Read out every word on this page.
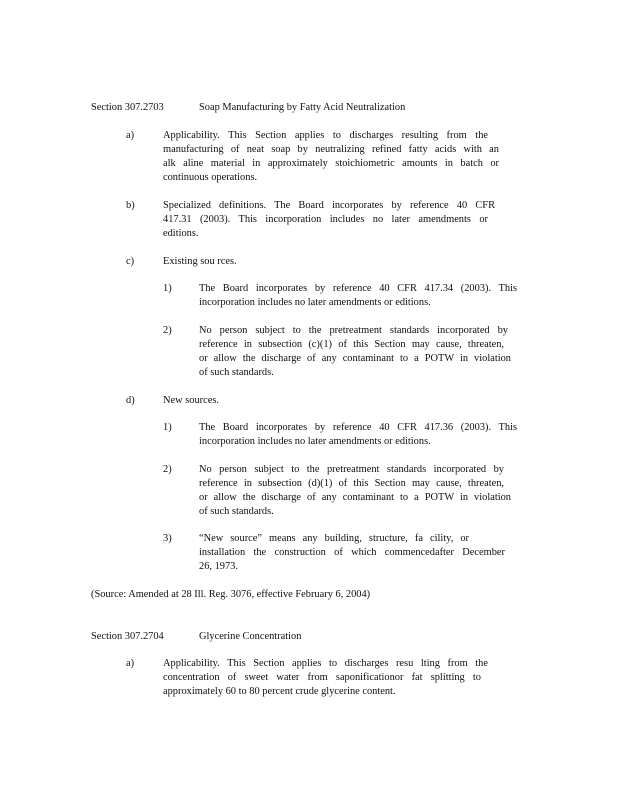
Section 307.2703	Soap Manufacturing by Fatty Acid Neutralization
a)	Applicability. This Section applies to discharges resulting from the
manufacturing of neat soap by neutralizing refined fatty acids with an
alk aline material in approximately stoichiometric amounts in batch or
continuous operations.
b)	Specialized definitions. The Board incorporates by reference 40 CFR
417.31 (2003). This incorporation includes no later amendments or
editions.
c)	Existing sou rces.
1)	The Board incorporates by reference 40 CFR 417.34 (2003). This
incorporation includes no later amendments or editions.
2)	No person subject to the pretreatment standards incorporated by
reference in subsection (c)(1) of this Section may cause, threaten,
or allow the discharge of any contaminant to a POTW in violation
of such standards.
d)	New sources.
1)	The Board incorporates by reference 40 CFR 417.36 (2003). This
incorporation includes no later amendments or editions.
2)	No person subject to the pretreatment standards incorporated by
reference in subsection (d)(1) of this Section may cause, threaten,
or allow the discharge of any contaminant to a POTW in violation
of such standards.
3)	“New source” means any building, structure, fa cility, or
installation the construction of which commencedafter December
26, 1973.
(Source: Amended at 28 Ill. Reg. 3076, effective February 6, 2004)
Section 307.2704	Glycerine Concentration
a)	Applicability. This Section applies to discharges resu lting from the
concentration of sweet water from saponificationor fat splitting to
approximately 60 to 80 percent crude glycerine content.
